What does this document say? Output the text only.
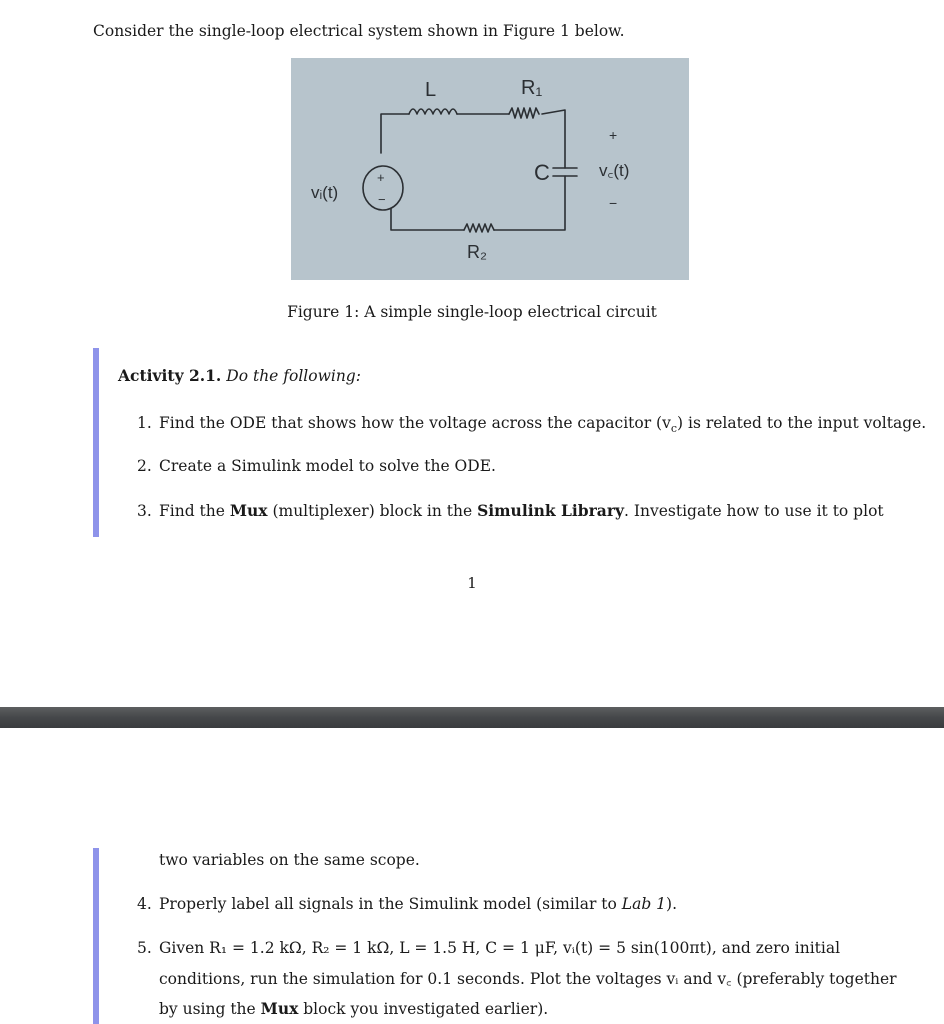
Consider the single-loop electrical system shown in Figure 1 below.
L	R₁
+
C	v꜀(t)
−
vᵢ(t)
+
−
R₂
Figure 1: A simple single-loop electrical circuit
Activity 2.1. Do the following:
1. Find the ODE that shows how the voltage across the capacitor $(v_c)$ is related to the input voltage.
2. Create a Simulink model to solve the ODE.
3. Find the Mux (multiplexer) block in the Simulink Library. Investigate how to use it to plot
1
two variables on the same scope.
4. Properly label all signals in the Simulink model (similar to Lab 1).
5. Given R₁ = 1.2 kΩ, R₂ = 1 kΩ, L = 1.5 H, C = 1 μF, vᵢ(t) = 5 sin(100πt), and zero initial
conditions, run the simulation for 0.1 seconds. Plot the voltages vᵢ and v꜀ (preferably together
by using the Mux block you investigated earlier).
